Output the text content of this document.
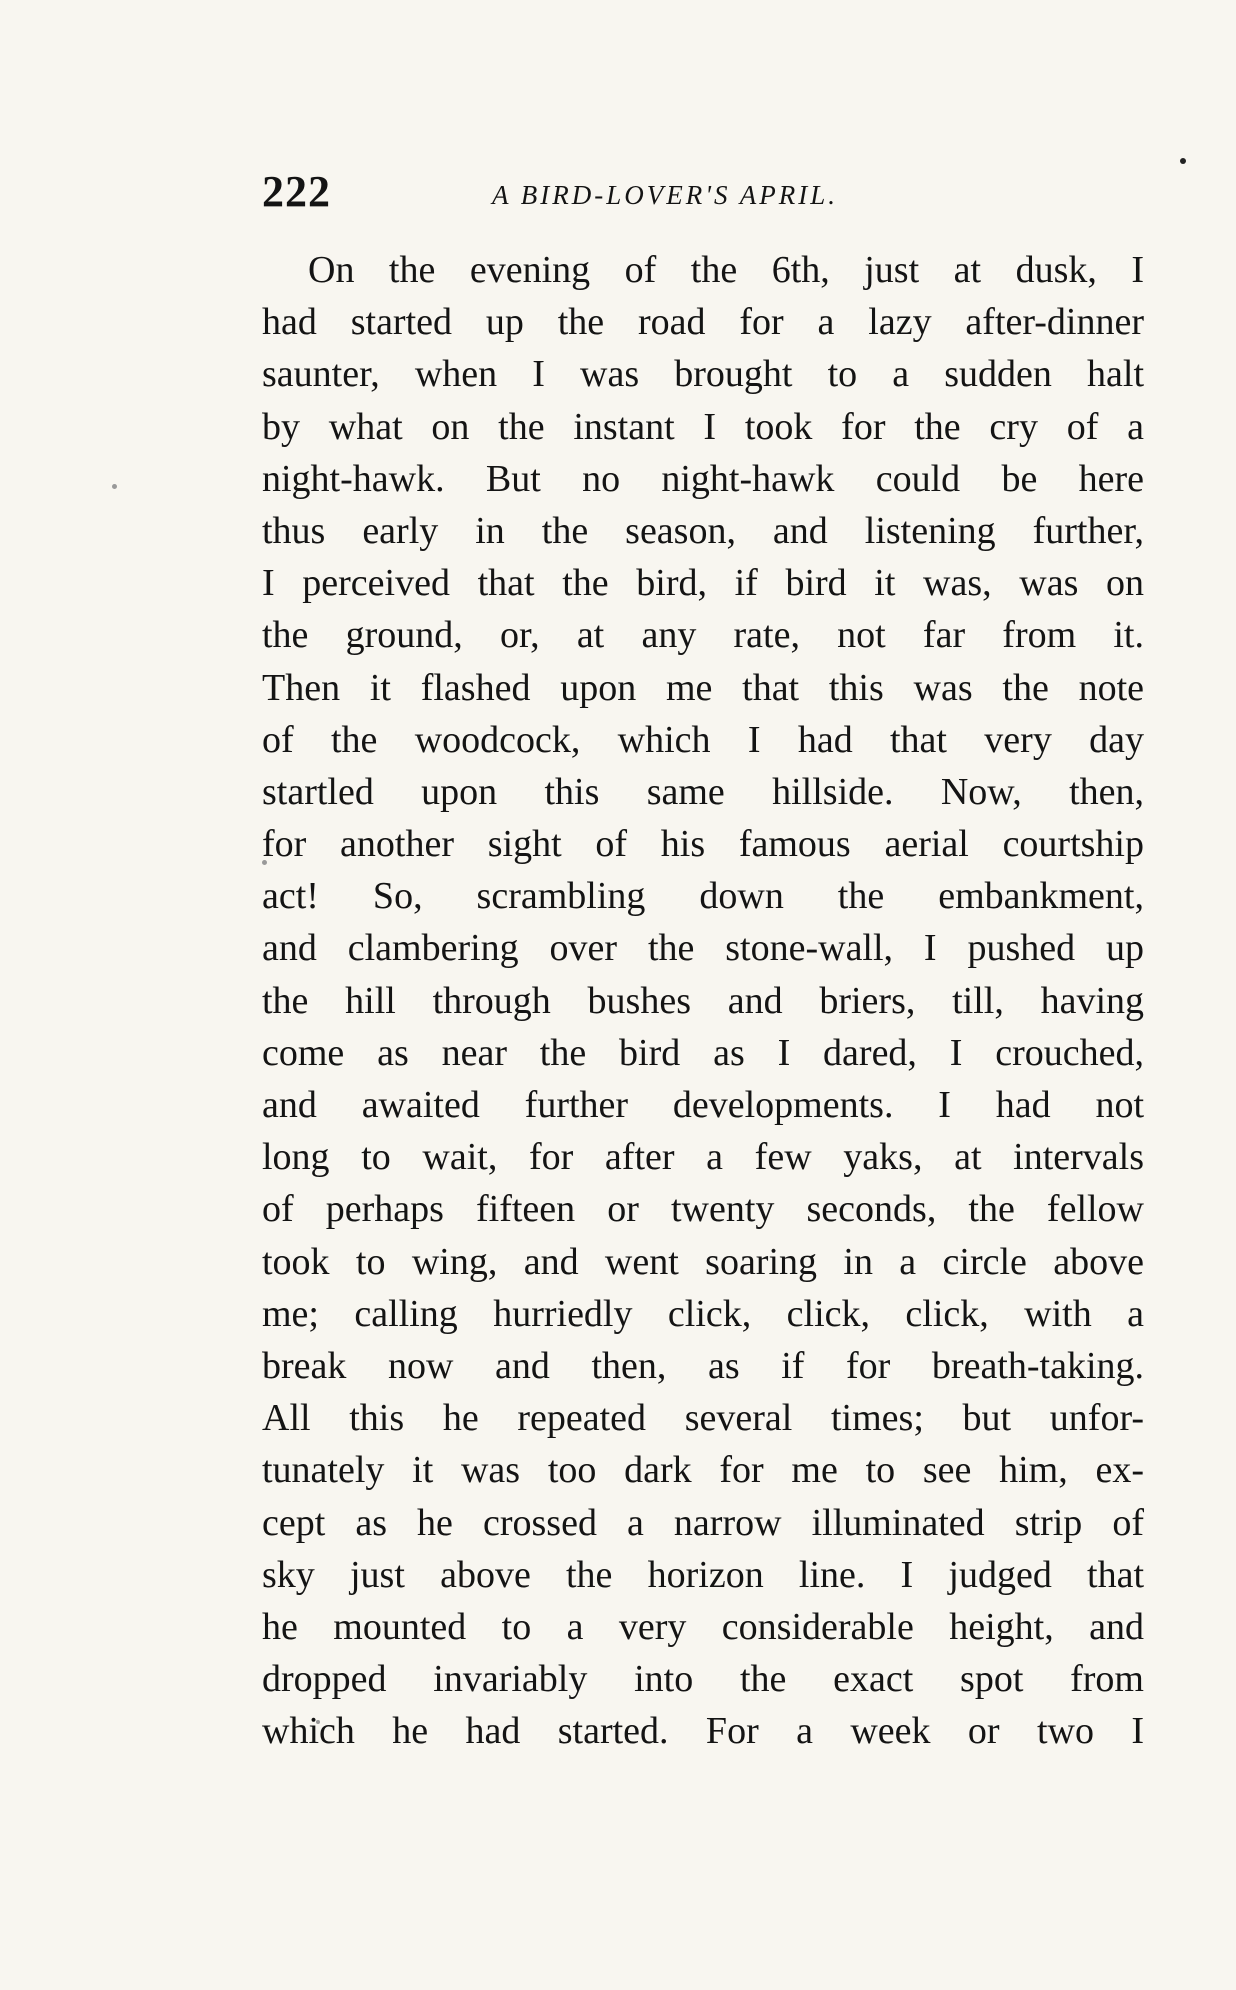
222	A BIRD-LOVER'S APRIL.
On the evening of the 6th, just at dusk, I
had started up the road for a lazy after-dinner
saunter, when I was brought to a sudden halt
by what on the instant I took for the cry of a
night-hawk. But no night-hawk could be here
thus early in the season, and listening further,
I perceived that the bird, if bird it was, was on
the ground, or, at any rate, not far from it.
Then it flashed upon me that this was the note
of the woodcock, which I had that very day
startled upon this same hillside. Now, then,
for another sight of his famous aerial courtship
act! So, scrambling down the embankment,
and clambering over the stone-wall, I pushed up
the hill through bushes and briers, till, having
come as near the bird as I dared, I crouched,
and awaited further developments. I had not
long to wait, for after a few yaks, at intervals
of perhaps fifteen or twenty seconds, the fellow
took to wing, and went soaring in a circle above
me; calling hurriedly click, click, click, with a
break now and then, as if for breath-taking.
All this he repeated several times; but unfor-
tunately it was too dark for me to see him, ex-
cept as he crossed a narrow illuminated strip of
sky just above the horizon line. I judged that
he mounted to a very considerable height, and
dropped invariably into the exact spot from
which he had started. For a week or two I
